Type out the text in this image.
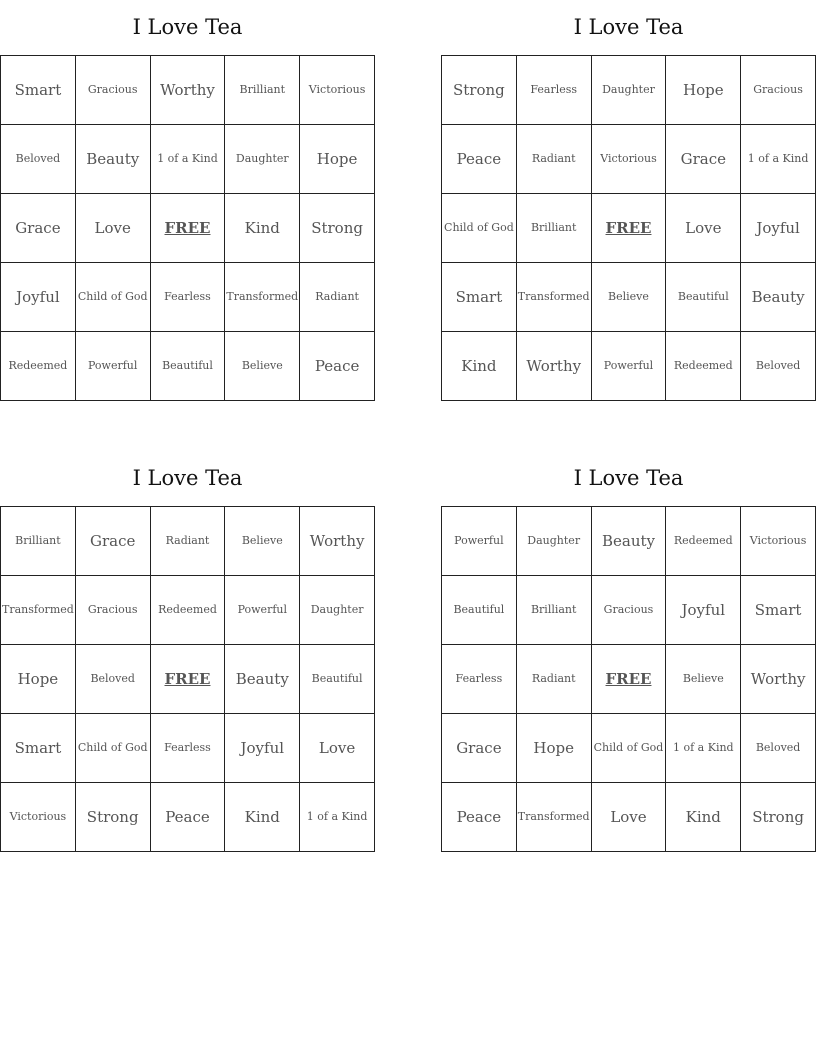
I Love Tea
Smart	Gracious	Worthy	Brilliant	Victorious
Beloved	Beauty	1 of a Kind	Daughter	Hope
Grace	Love	FREE	Kind	Strong
Joyful	Child of God	Fearless	Transformed	Radiant
Redeemed	Powerful	Beautiful	Believe	Peace
I Love Tea
Strong	Fearless	Daughter	Hope	Gracious
Peace	Radiant	Victorious	Grace	1 of a Kind
Child of God	Brilliant	FREE	Love	Joyful
Smart	Transformed	Believe	Beautiful	Beauty
Kind	Worthy	Powerful	Redeemed	Beloved
I Love Tea
Brilliant	Grace	Radiant	Believe	Worthy
Transformed	Gracious	Redeemed	Powerful	Daughter
Hope	Beloved	FREE	Beauty	Beautiful
Smart	Child of God	Fearless	Joyful	Love
Victorious	Strong	Peace	Kind	1 of a Kind
I Love Tea
Powerful	Daughter	Beauty	Redeemed	Victorious
Beautiful	Brilliant	Gracious	Joyful	Smart
Fearless	Radiant	FREE	Believe	Worthy
Grace	Hope	Child of God	1 of a Kind	Beloved
Peace	Transformed	Love	Kind	Strong
